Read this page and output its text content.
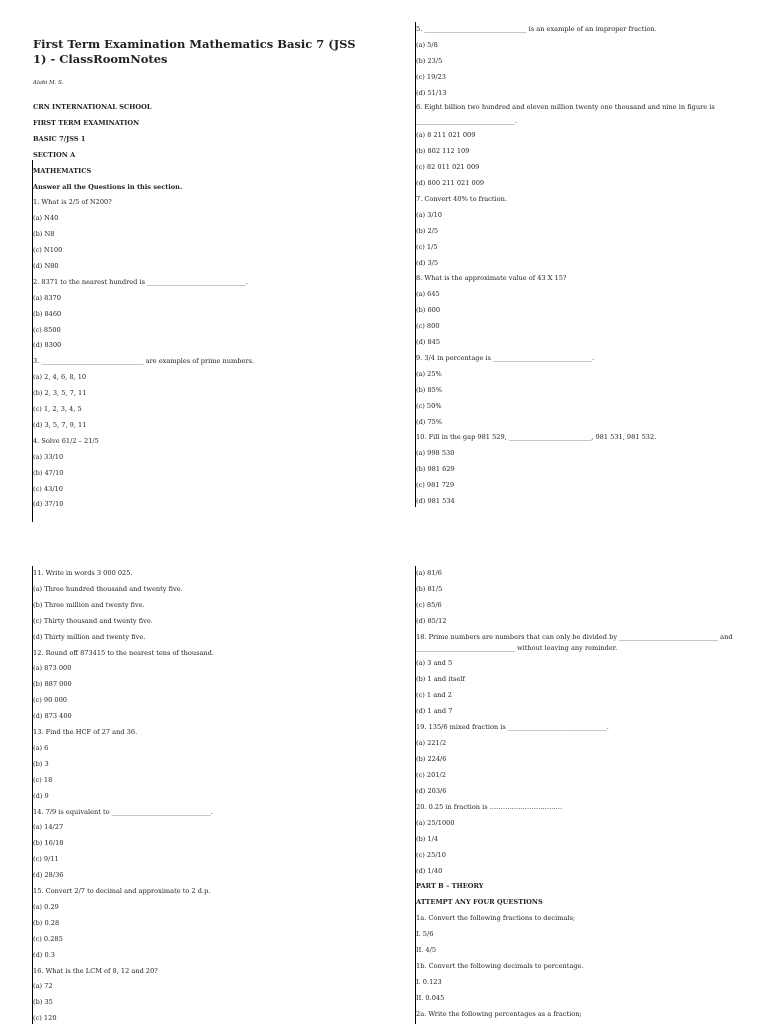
First Term Examination Mathematics Basic 7 (JSS 1) - ClassRoomNotes
Alabi M. S.
CRN INTERNATIONAL SCHOOL
FIRST TERM EXAMINATION
BASIC 7/JSS 1
SECTION A
MATHEMATICS
Answer all the Questions in this section.
1. What is 2/5 of N200?
(a) N40
(b) N8
(c) N100
(d) N80
2. 8371 to the nearest hundred is ______________________________.
(a) 8370
(b) 8460
(c) 8500
(d) 8300
3. _______________________________ are examples of prime numbers.
(a) 2, 4, 6, 8, 10
(b) 2, 3, 5, 7, 11
(c) 1, 2, 3, 4, 5
(d) 3, 5, 7, 9, 11
4. Solve 61/2 – 21/5
(a) 33/10
(b) 47/10
(c) 43/10
(d) 37/10
5. _______________________________ is an example of an improper fraction.
(a) 5/8
(b) 23/5
(c) 19/23
(d) 51/13
6. Eight billion two hundred and eleven million twenty one thousand and nine in figure is
______________________________.
(a) 8 211 021 009
(b) 802 112 109
(c) 82 011 021 009
(d) 800 211 021 009
7. Convert 40% to fraction.
(a) 3/10
(b) 2/5
(c) 1/5
(d) 3/5
8. What is the approximate value of 43 X 15?
(a) 645
(b) 600
(c) 800
(d) 845
9. 3/4 in percentage is ______________________________.
(a) 25%
(b) 85%
(c) 50%
(d) 75%
10. Fill in the gap 981 529, _________________________, 981 531, 981 532.
(a) 998 530
(b) 981 629
(c) 981 729
(d) 981 534
11. Write in words 3 000 025.
(a) Three hundred thousand and twenty five.
(b) Three million and twenty five.
(c) Thirty thousand and twenty five.
(d) Thirty million and twenty five.
12. Round off 873415 to the nearest tens of thousand.
(a) 873 000
(b) 887 000
(c) 90 000
(d) 873 400
13. Find the HCF of 27 and 36.
(a) 6
(b) 3
(c) 18
(d) 9
14. 7/9 is equivalent to ______________________________.
(a) 14/27
(b) 16/18
(c) 9/11
(d) 28/36
15. Convert 2/7 to decimal and approximate to 2 d.p.
(a) 0.29
(b) 0.28
(c) 0.285
(d) 0.3
16. What is the LCM of 8, 12 and 20?
(a) 72
(b) 35
(c) 120
(a) 81/6
(b) 81/5
(c) 85/6
(d) 85/12
18. Prime numbers are numbers that can only be divided by ______________________________ and
______________________________ without leaving any reminder.
(a) 3 and 5
(b) 1 and itself
(c) 1 and 2
(d) 1 and 7
19. 135/6 mixed fraction is ______________________________.
(a) 221/2
(b) 224/6
(c) 201/2
(d) 203/6
20. 0.25 in fraction is ……………………………
(a) 25/1000
(b) 1/4
(c) 25/10
(d) 1/40
PART B – THEORY
ATTEMPT ANY FOUR QUESTIONS
1a. Convert the following fractions to decimals;
I. 5/6
II. 4/5
1b. Convert the following decimals to percentage.
I. 0.123
II. 0.045
2a. Write the following percentages as a fraction;
